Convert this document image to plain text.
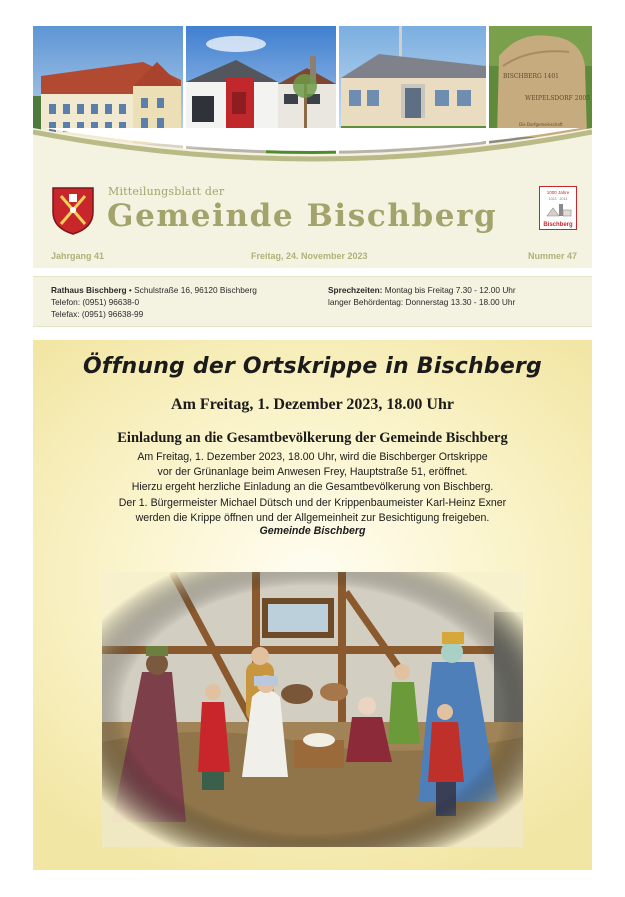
BISCHBERG 1401
WEIPELSDORF 2005
Die Dorfgemeinschaft
Mitteilungsblatt der
Gemeinde Bischberg
1000 Jahre
1013 · 2013
Bischberg
Jahrgang 41	Freitag, 24. November 2023	Nummer 47
Rathaus Bischberg • Schulstraße 16, 96120 Bischberg
Telefon: (0951) 96638-0
Telefax: (0951) 96638-99
Sprechzeiten: Montag bis Freitag 7.30 - 12.00 Uhr
langer Behördentag: Donnerstag 13.30 - 18.00 Uhr
Öffnung der Ortskrippe in Bischberg
Am Freitag, 1. Dezember 2023, 18.00 Uhr
Einladung an die Gesamtbevölkerung der Gemeinde Bischberg
Am Freitag, 1. Dezember 2023, 18.00 Uhr, wird die Bischberger Ortskrippe
vor der Grünanlage beim Anwesen Frey, Hauptstraße 51, eröffnet.
Hierzu ergeht herzliche Einladung an die Gesamtbevölkerung von Bischberg.
Der 1. Bürgermeister Michael Dütsch und der Krippenbaumeister Karl-Heinz Exner
werden die Krippe öffnen und der Allgemeinheit zur Besichtigung freigeben.
Gemeinde Bischberg
